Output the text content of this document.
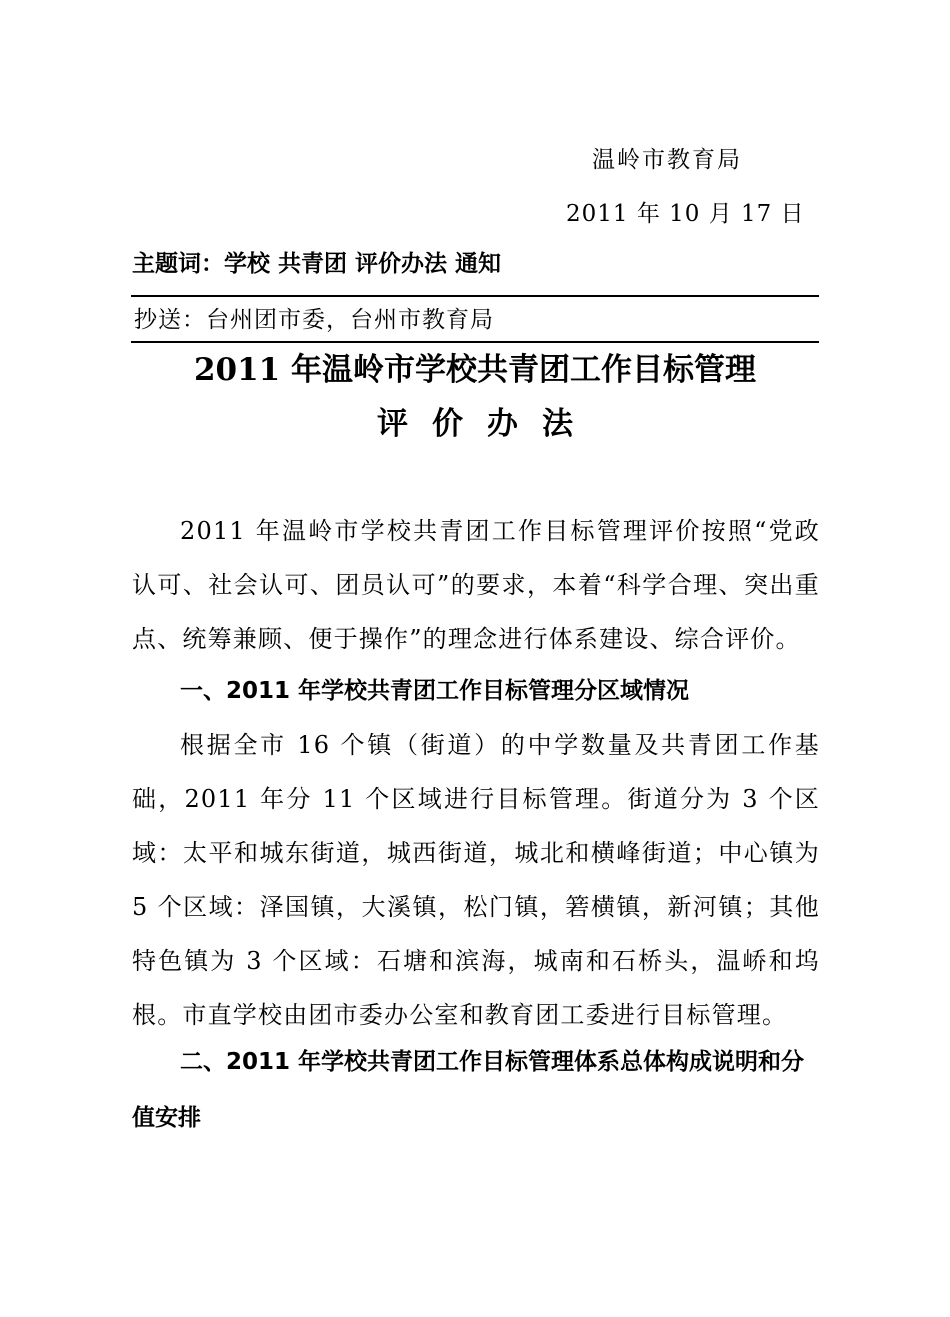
温岭市教育局
2011 年 10 月 17 日
主题词：学校 共青团 评价办法 通知
抄送：台州团市委，台州市教育局
2011 年温岭市学校共青团工作目标管理
评价办法

2011 年温岭市学校共青团工作目标管理评价按照“党政认可、社会认可、团员认可”的要求，本着“科学合理、突出重点、统筹兼顾、便于操作”的理念进行体系建设、综合评价。

一、2011 年学校共青团工作目标管理分区域情况

根据全市 16 个镇（街道）的中学数量及共青团工作基础，2011 年分 11 个区域进行目标管理。街道分为 3 个区域：太平和城东街道，城西街道，城北和横峰街道；中心镇为 5 个区域：泽国镇，大溪镇，松门镇，箬横镇，新河镇；其他特色镇为 3 个区域：石塘和滨海，城南和石桥头，温峤和坞根。市直学校由团市委办公室和教育团工委进行目标管理。

二、2011 年学校共青团工作目标管理体系总体构成说明和分值安排
